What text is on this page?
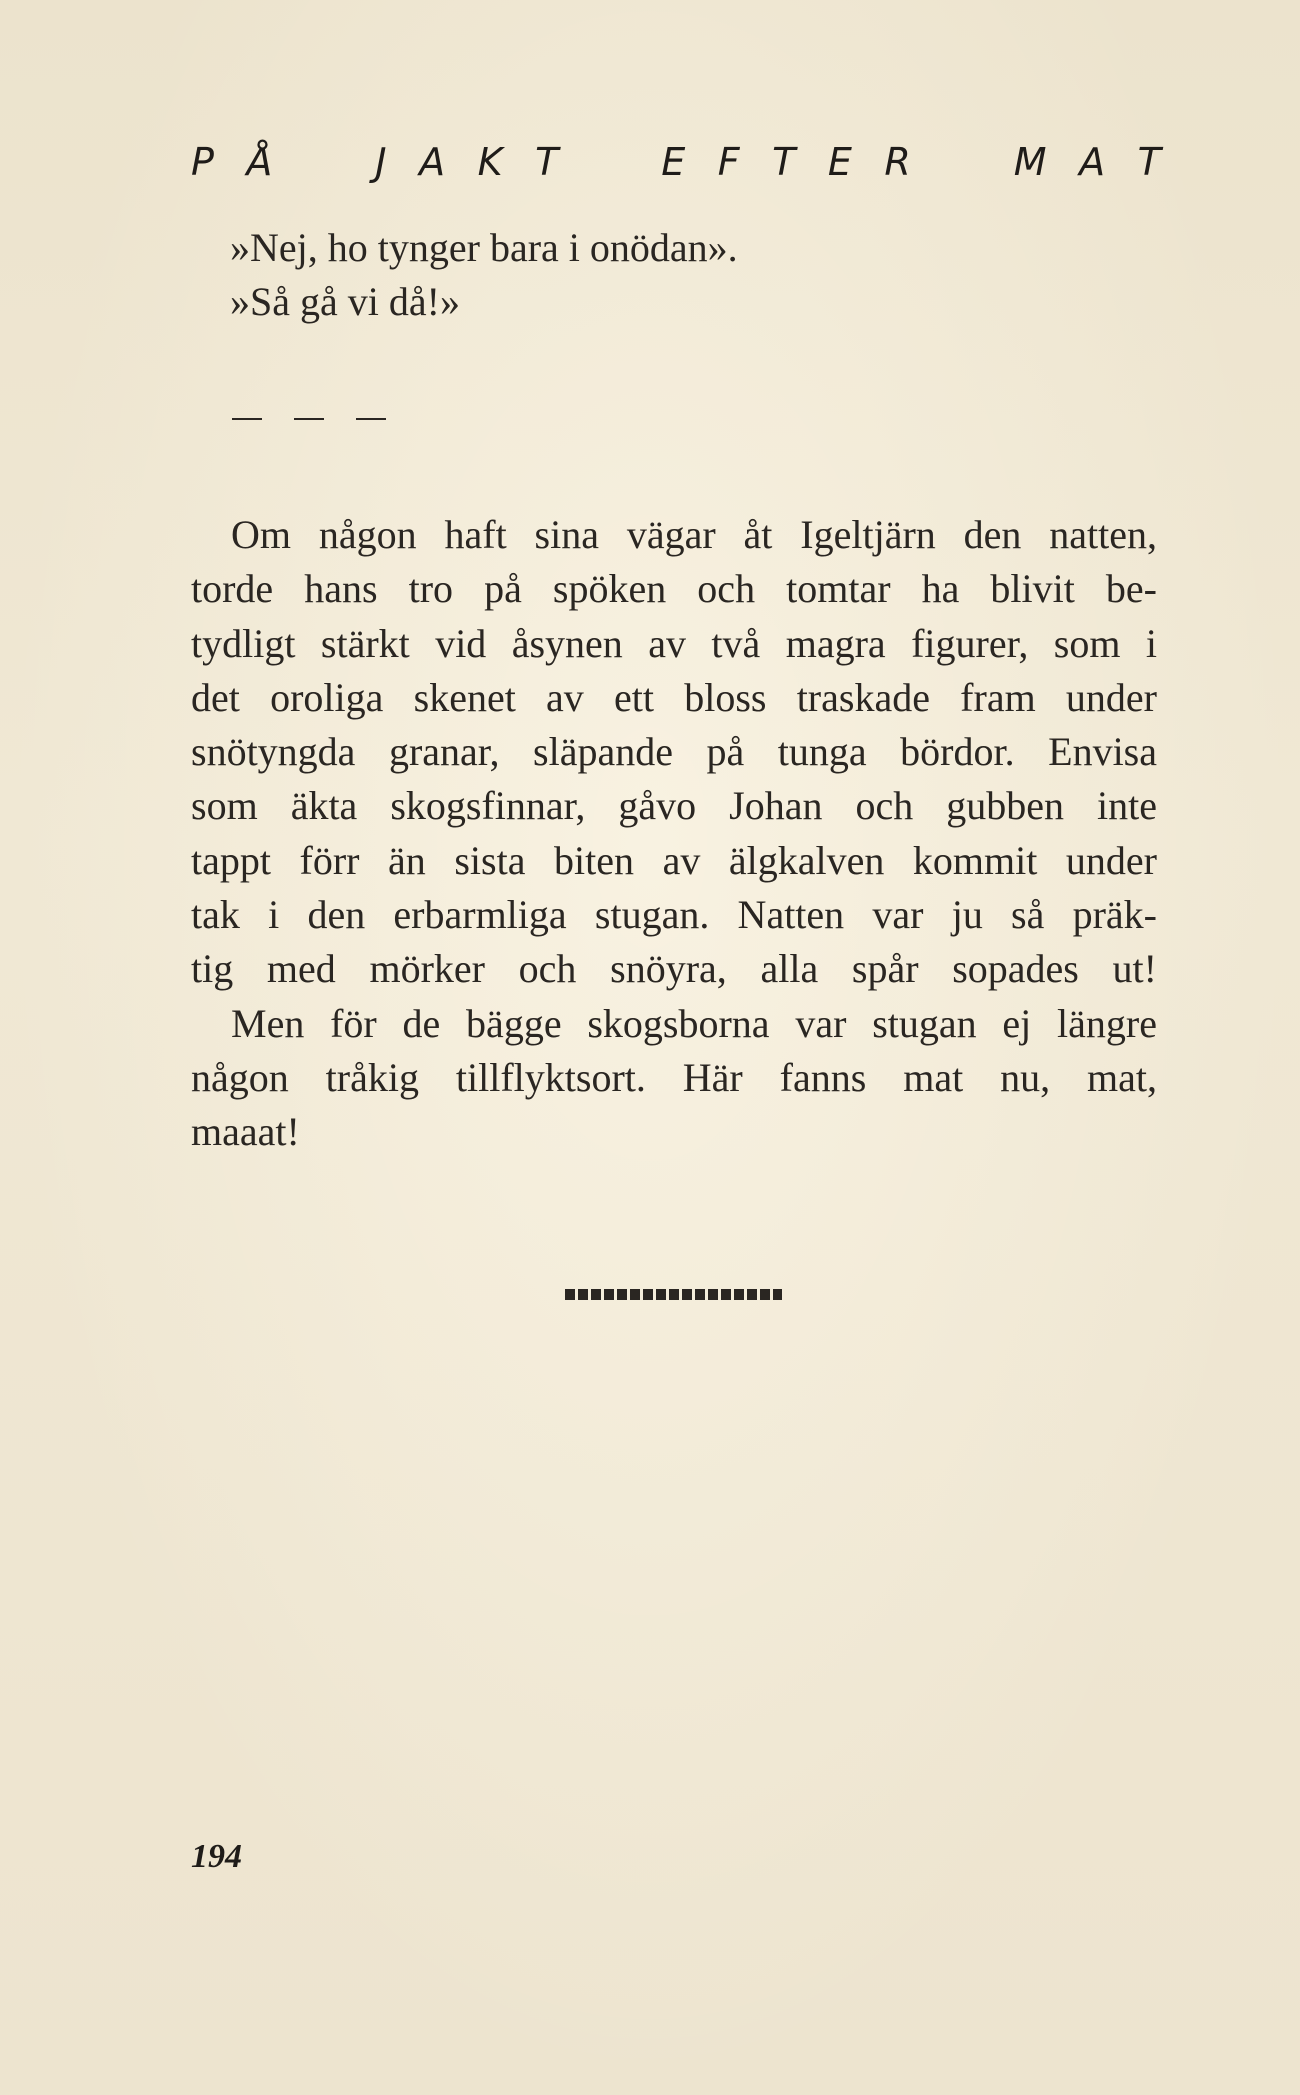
P Å	J A K T	E F T E R	M A T
»Nej, ho tynger bara i onödan».
»Så gå vi då!»
Om någon haft sina vägar åt Igeltjärn den natten,
torde hans tro på spöken och tomtar ha blivit be-
tydligt stärkt vid åsynen av två magra figurer, som i
det oroliga skenet av ett bloss traskade fram under
snötyngda granar, släpande på tunga bördor. Envisa
som äkta skogsfinnar, gåvo Johan och gubben inte
tappt förr än sista biten av älgkalven kommit under
tak i den erbarmliga stugan. Natten var ju så präk-
tig med mörker och snöyra, alla spår sopades ut!
Men för de bägge skogsborna var stugan ej längre
någon tråkig tillflyktsort. Här fanns mat nu, mat,
maaat!
194
